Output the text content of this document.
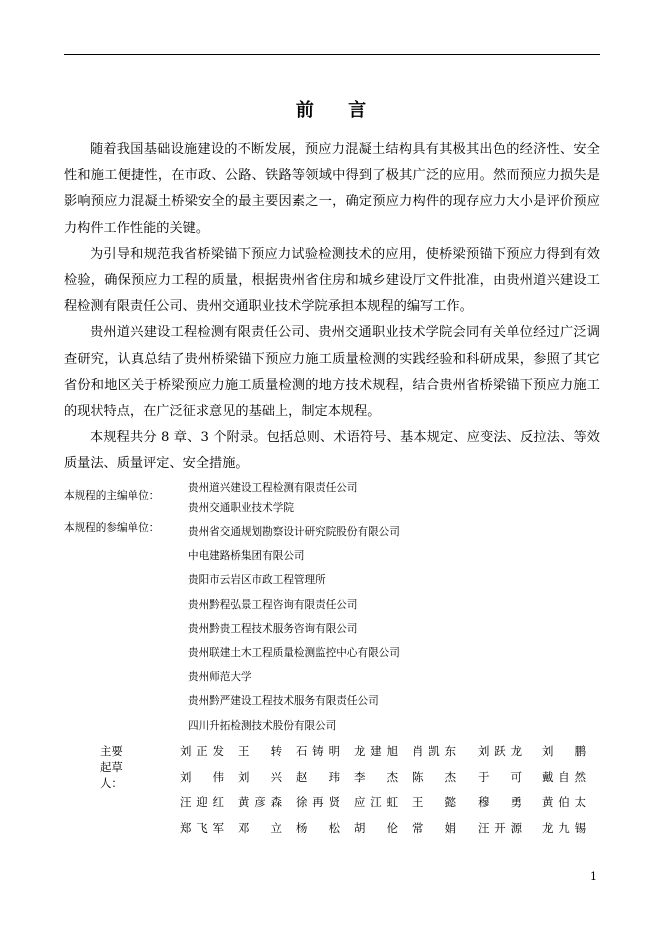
前 言

随着我国基础设施建设的不断发展，预应力混凝土结构具有其极其出色的经济性、安全性和施工便捷性，在市政、公路、铁路等领域中得到了极其广泛的应用。然而预应力损失是影响预应力混凝土桥梁安全的最主要因素之一，确定预应力构件的现存应力大小是评价预应力构件工作性能的关键。

为引导和规范我省桥梁锚下预应力试验检测技术的应用，使桥梁预锚下预应力得到有效检验，确保预应力工程的质量，根据贵州省住房和城乡建设厅文件批准，由贵州道兴建设工程检测有限责任公司、贵州交通职业技术学院承担本规程的编写工作。

贵州道兴建设工程检测有限责任公司、贵州交通职业技术学院会同有关单位经过广泛调查研究，认真总结了贵州桥梁锚下预应力施工质量检测的实践经验和科研成果，参照了其它省份和地区关于桥梁预应力施工质量检测的地方技术规程，结合贵州省桥梁锚下预应力施工的现状特点，在广泛征求意见的基础上，制定本规程。

本规程共分 8 章、3 个附录。包括总则、术语符号、基本规定、应变法、反拉法、等效质量法、质量评定、安全措施。

本规程的主编单位：
贵州道兴建设工程检测有限责任公司
贵州交通职业技术学院
本规程的参编单位：	贵州省交通规划勘察设计研究院股份有限公司
中电建路桥集团有限公司
贵阳市云岩区市政工程管理所
贵州黔程弘景工程咨询有限责任公司
贵州黔贵工程技术服务咨询有限公司
贵州联建土木工程质量检测监控中心有限公司
贵州师范大学
贵州黔严建设工程技术服务有限责任公司
四川升拓检测技术股份有限公司
主要起草人：
刘正发 王转 石铸明 龙建旭 肖凯东 刘跃龙 刘鹏
刘伟 刘兴 赵玮 李杰 陈杰 于可 戴自然
汪迎红 黄彦森 徐再贤 应江虹 王懿 穆勇 黄伯太
郑飞军 邓立 杨松 胡伦 常娟 汪开源 龙九锡
1
